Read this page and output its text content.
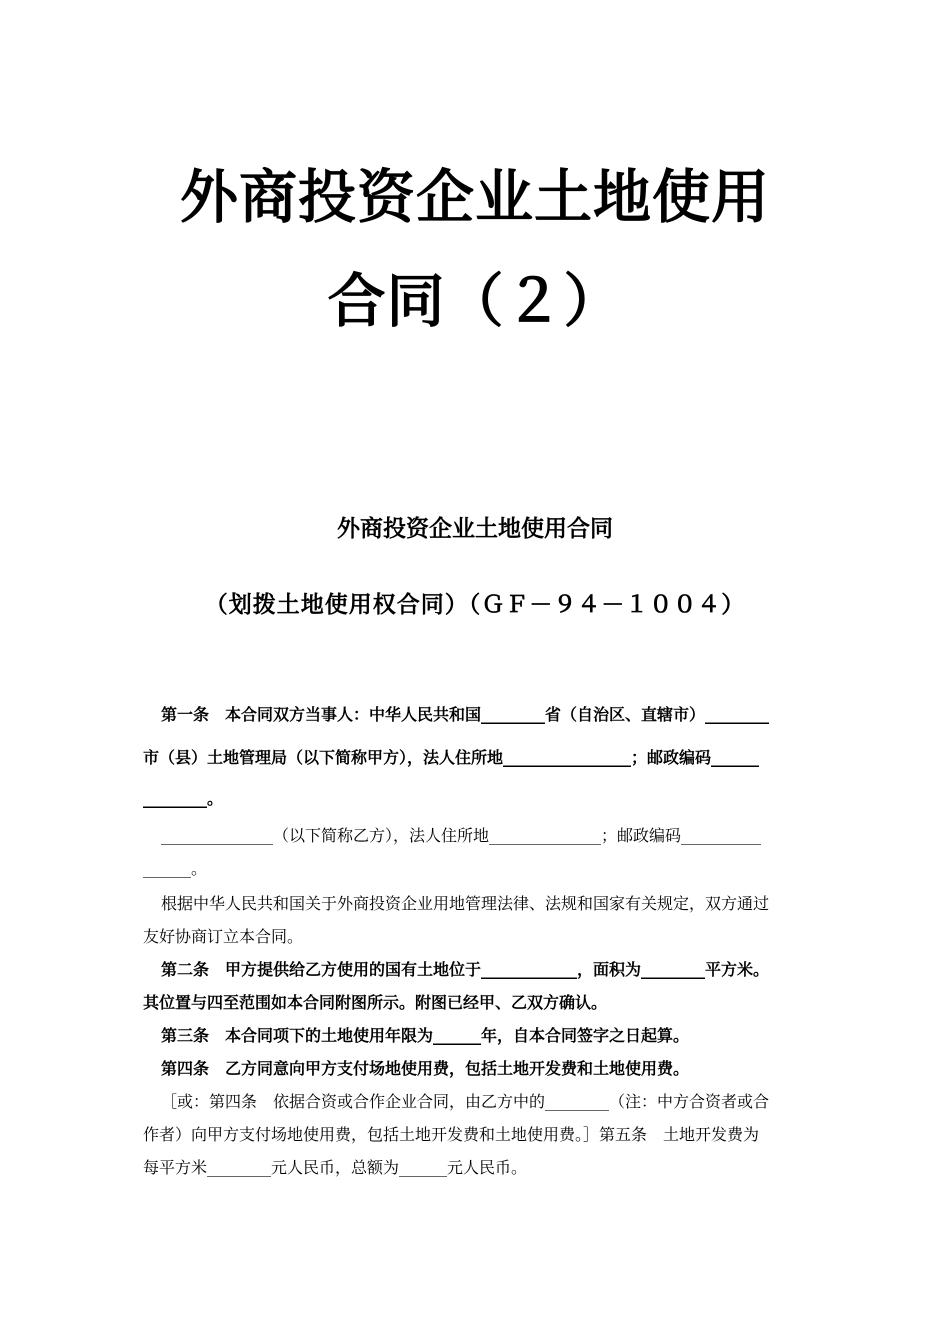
外商投资企业土地使用
合同（２）
外商投资企业土地使用合同
（划拨土地使用权合同）（ＧＦ－９４－１００４）
第一条　本合同双方当事人：中华人民共和国________省（自治区、直辖市）________
市（县）土地管理局（以下简称甲方），法人住所地________________；邮政编码______
________。
______________（以下简称乙方），法人住所地______________；邮政编码__________
______。
根据中华人民共和国关于外商投资企业用地管理法律、法规和国家有关规定，双方通过
友好协商订立本合同。
第二条　甲方提供给乙方使用的国有土地位于____________，面积为________平方米。
其位置与四至范围如本合同附图所示。附图已经甲、乙双方确认。
第三条　本合同项下的土地使用年限为______年，自本合同签字之日起算。
第四条　乙方同意向甲方支付场地使用费，包括土地开发费和土地使用费。
［或：第四条　依据合资或合作企业合同，由乙方中的________（注：中方合资者或合
作者）向甲方支付场地使用费，包括土地开发费和土地使用费。］第五条　土地开发费为
每平方米________元人民币，总额为______元人民币。
